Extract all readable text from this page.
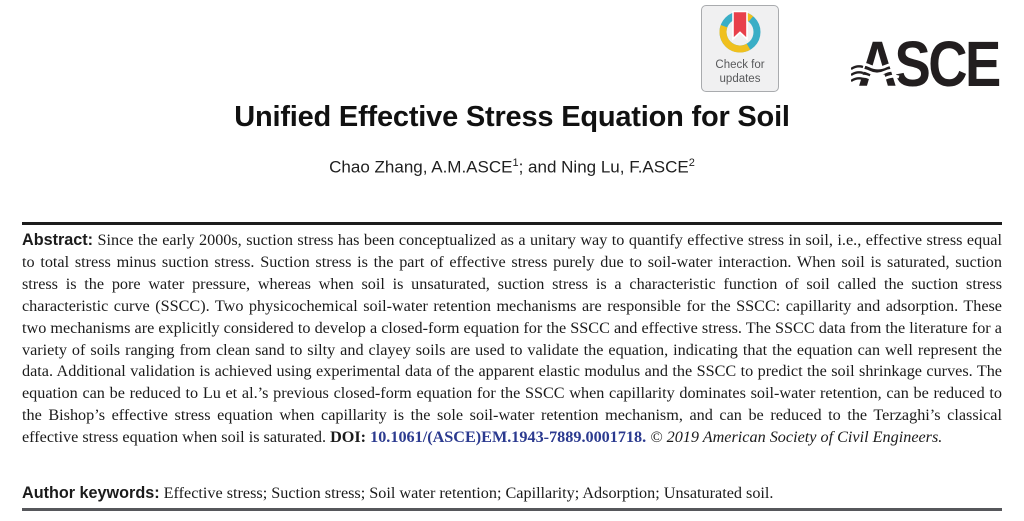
Check for
updates ASCE
Unified Effective Stress Equation for Soil
Chao Zhang, A.M.ASCE$^1$; and Ning Lu, F.ASCE$^2$

Abstract: Since the early 2000s, suction stress has been conceptualized as a unitary way to quantify effective stress in soil, i.e., effective stress equal to total stress minus suction stress. Suction stress is the part of effective stress purely due to soil-water interaction. When soil is saturated, suction stress is the pore water pressure, whereas when soil is unsaturated, suction stress is a characteristic function of soil called the suction stress characteristic curve (SSCC). Two physicochemical soil-water retention mechanisms are responsible for the SSCC: capillarity and adsorption. These two mechanisms are explicitly considered to develop a closed-form equation for the SSCC and effective stress. The SSCC data from the literature for a variety of soils ranging from clean sand to silty and clayey soils are used to validate the equation, indicating that the equation can well represent the data. Additional validation is achieved using experimental data of the apparent elastic modulus and the SSCC to predict the soil shrinkage curves. The equation can be reduced to Lu et al.’s previous closed-form equation for the SSCC when capillarity dominates soil-water retention, can be reduced to the Bishop’s effective stress equation when capillarity is the sole soil-water retention mechanism, and can be reduced to the Terzaghi’s classical effective stress equation when soil is saturated. DOI: 10.1061/(ASCE)EM.1943-7889.0001718. © 2019 American Society of Civil Engineers.

Author keywords: Effective stress; Suction stress; Soil water retention; Capillarity; Adsorption; Unsaturated soil.
